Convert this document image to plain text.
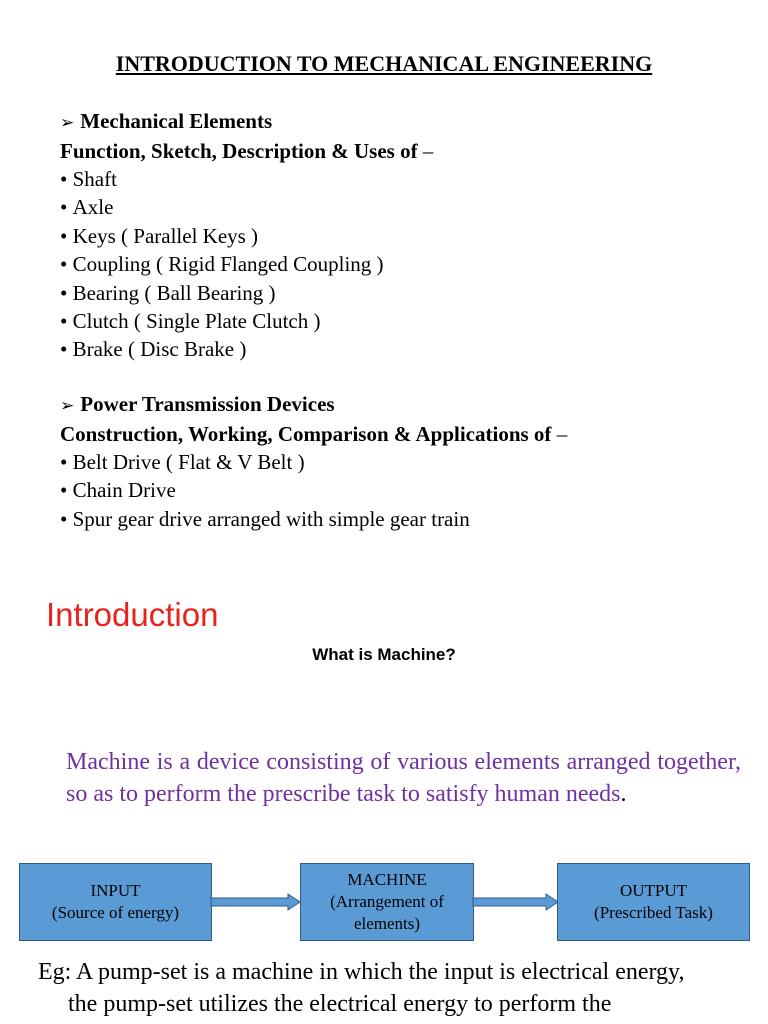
INTRODUCTION TO MECHANICAL ENGINEERING
➢ Mechanical Elements
Function, Sketch, Description & Uses of –
• Shaft
• Axle
• Keys ( Parallel Keys )
• Coupling ( Rigid Flanged Coupling )
• Bearing ( Ball Bearing )
• Clutch ( Single Plate Clutch )
• Brake ( Disc Brake )
➢ Power Transmission Devices
Construction, Working, Comparison & Applications of –
• Belt Drive ( Flat & V Belt )
• Chain Drive
• Spur gear drive arranged with simple gear train
Introduction
What is Machine?
Machine is a device consisting of various elements arranged together, so as to perform the prescribe task to satisfy human needs.
INPUT
(Source of energy)
MACHINE
(Arrangement of
elements)
OUTPUT
(Prescribed Task)
Eg: A pump-set is a machine in which the input is electrical energy,
the pump-set utilizes the electrical energy to perform the
